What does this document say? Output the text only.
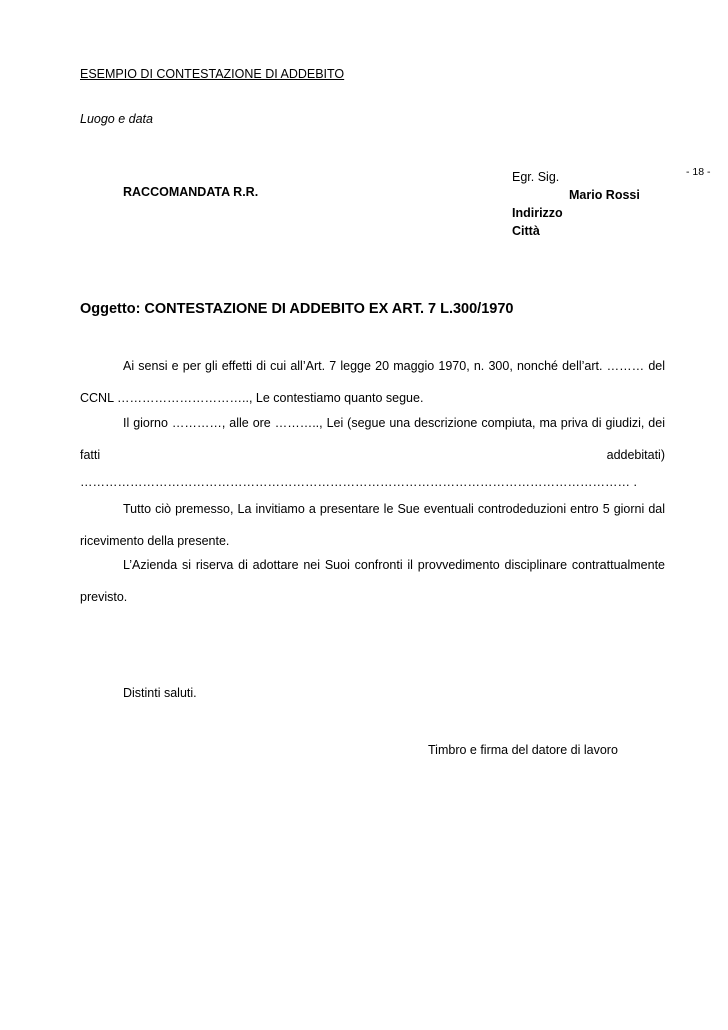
ESEMPIO DI CONTESTAZIONE DI ADDEBITO
Luogo e data
- 18 -
Egr. Sig.
Mario Rossi
Indirizzo
Città
RACCOMANDATA R.R.
Oggetto: CONTESTAZIONE DI ADDEBITO EX ART. 7 L.300/1970
Ai sensi e per gli effetti di cui all’Art. 7 legge 20 maggio 1970, n. 300, nonché dell’art. ……… del
CCNL ………………………….., Le contestiamo quanto segue.
Il giorno …………, alle ore ……….., Lei (segue una descrizione compiuta, ma priva di giudizi, dei
fatti	addebitati)
…………………………………………………………………………………………………………………… .
Tutto ciò premesso, La invitiamo a presentare le Sue eventuali controdeduzioni entro 5 giorni dal
ricevimento della presente.
L’Azienda si riserva di adottare nei Suoi confronti il provvedimento disciplinare contrattualmente
previsto.
Distinti saluti.
Timbro e firma del datore di lavoro
